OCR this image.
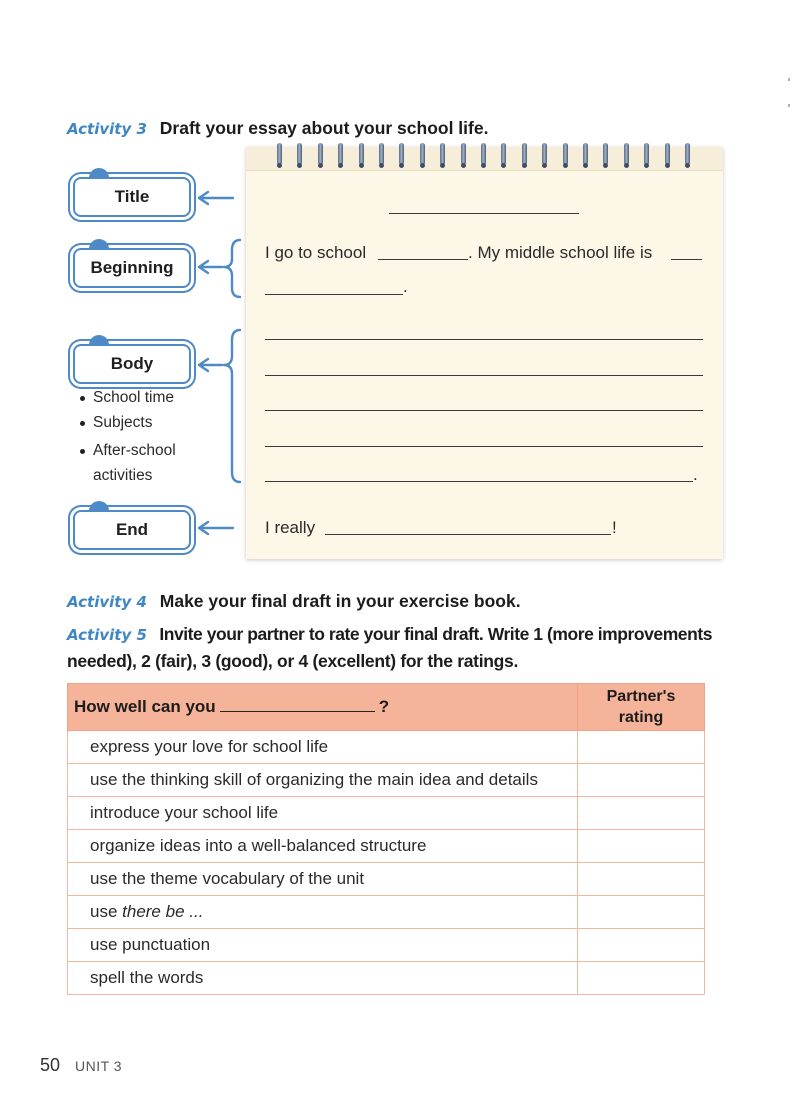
Activity 3 Draft your essay about your school life.
I go to school	. My middle school life is
.
.
I really	!
Title
Beginning
Body
End
School time
Subjects
After-school activities
Activity 4 Make your final draft in your exercise book.
Activity 5 Invite your partner to rate your final draft. Write 1 (more improvements
needed), 2 (fair), 3 (good), or 4 (excellent) for the ratings.
How well can you ?	Partner's rating
express your love for school life	
use the thinking skill of organizing the main idea and details	
introduce your school life	
organize ideas into a well-balanced structure	
use the theme vocabulary of the unit	
use there be ...	
use punctuation	
spell the words	
50 UNIT 3
